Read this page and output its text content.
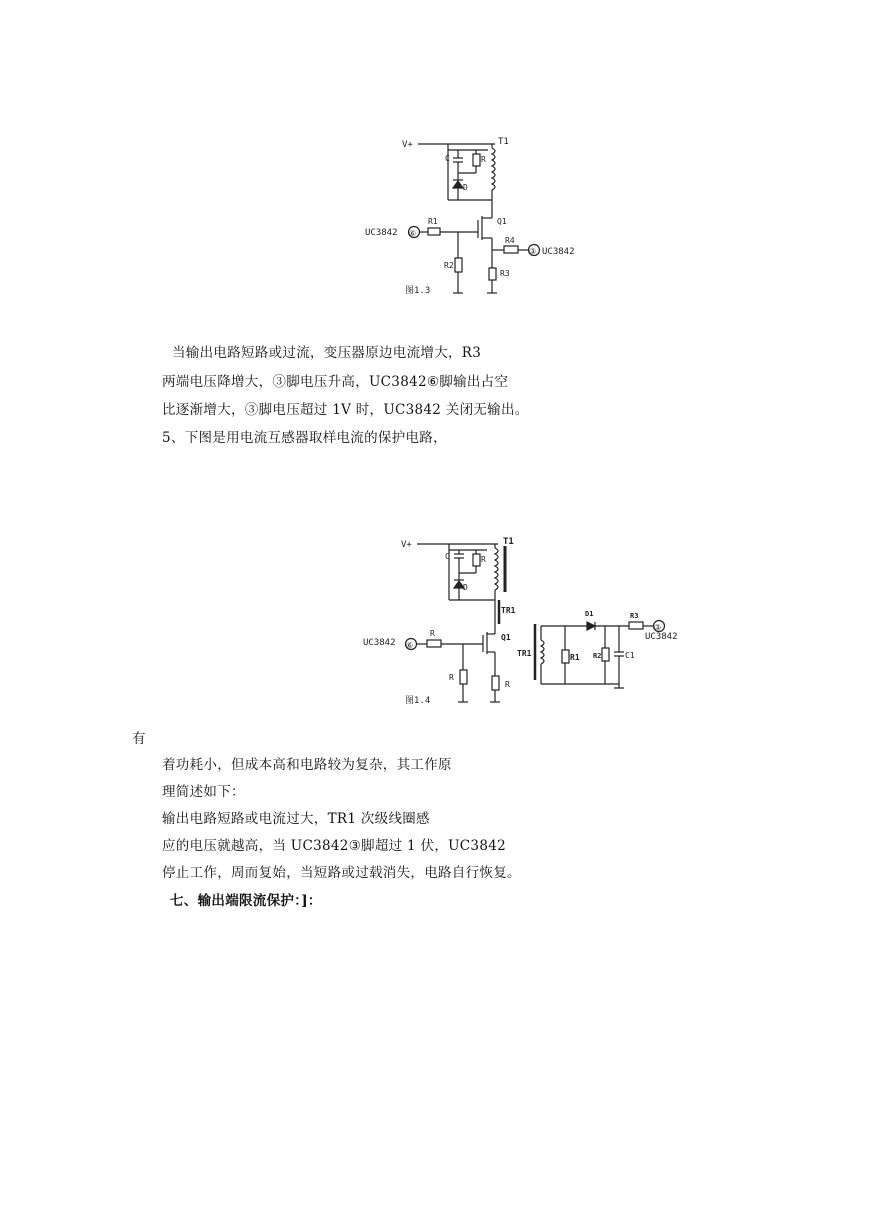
V+	T1
C	R
D
Q1
UC3842 ⑥
R1
R2
R4
③ UC3842
R3
图1.3
当输出电路短路或过流，变压器原边电流增大，R3
两端电压降增大，③脚电压升高，UC3842⑥脚输出占空
比逐渐增大，③脚电压超过 1V 时，UC3842 关闭无输出。
5、下图是用电流互感器取样电流的保护电路，
V+	T1
C	R
D
TR1
Q1
UC3842 ⑥
R
R
R
TR1	R1
D1
R2	C1
R3
③
UC3842
图1.4
有
着功耗小，但成本高和电路较为复杂，其工作原
理简述如下：
输出电路短路或电流过大，TR1 次级线圈感
应的电压就越高，当 UC3842③脚超过 1 伏，UC3842
停止工作，周而复始，当短路或过载消失，电路自行恢复。
七、输出端限流保护：]：
